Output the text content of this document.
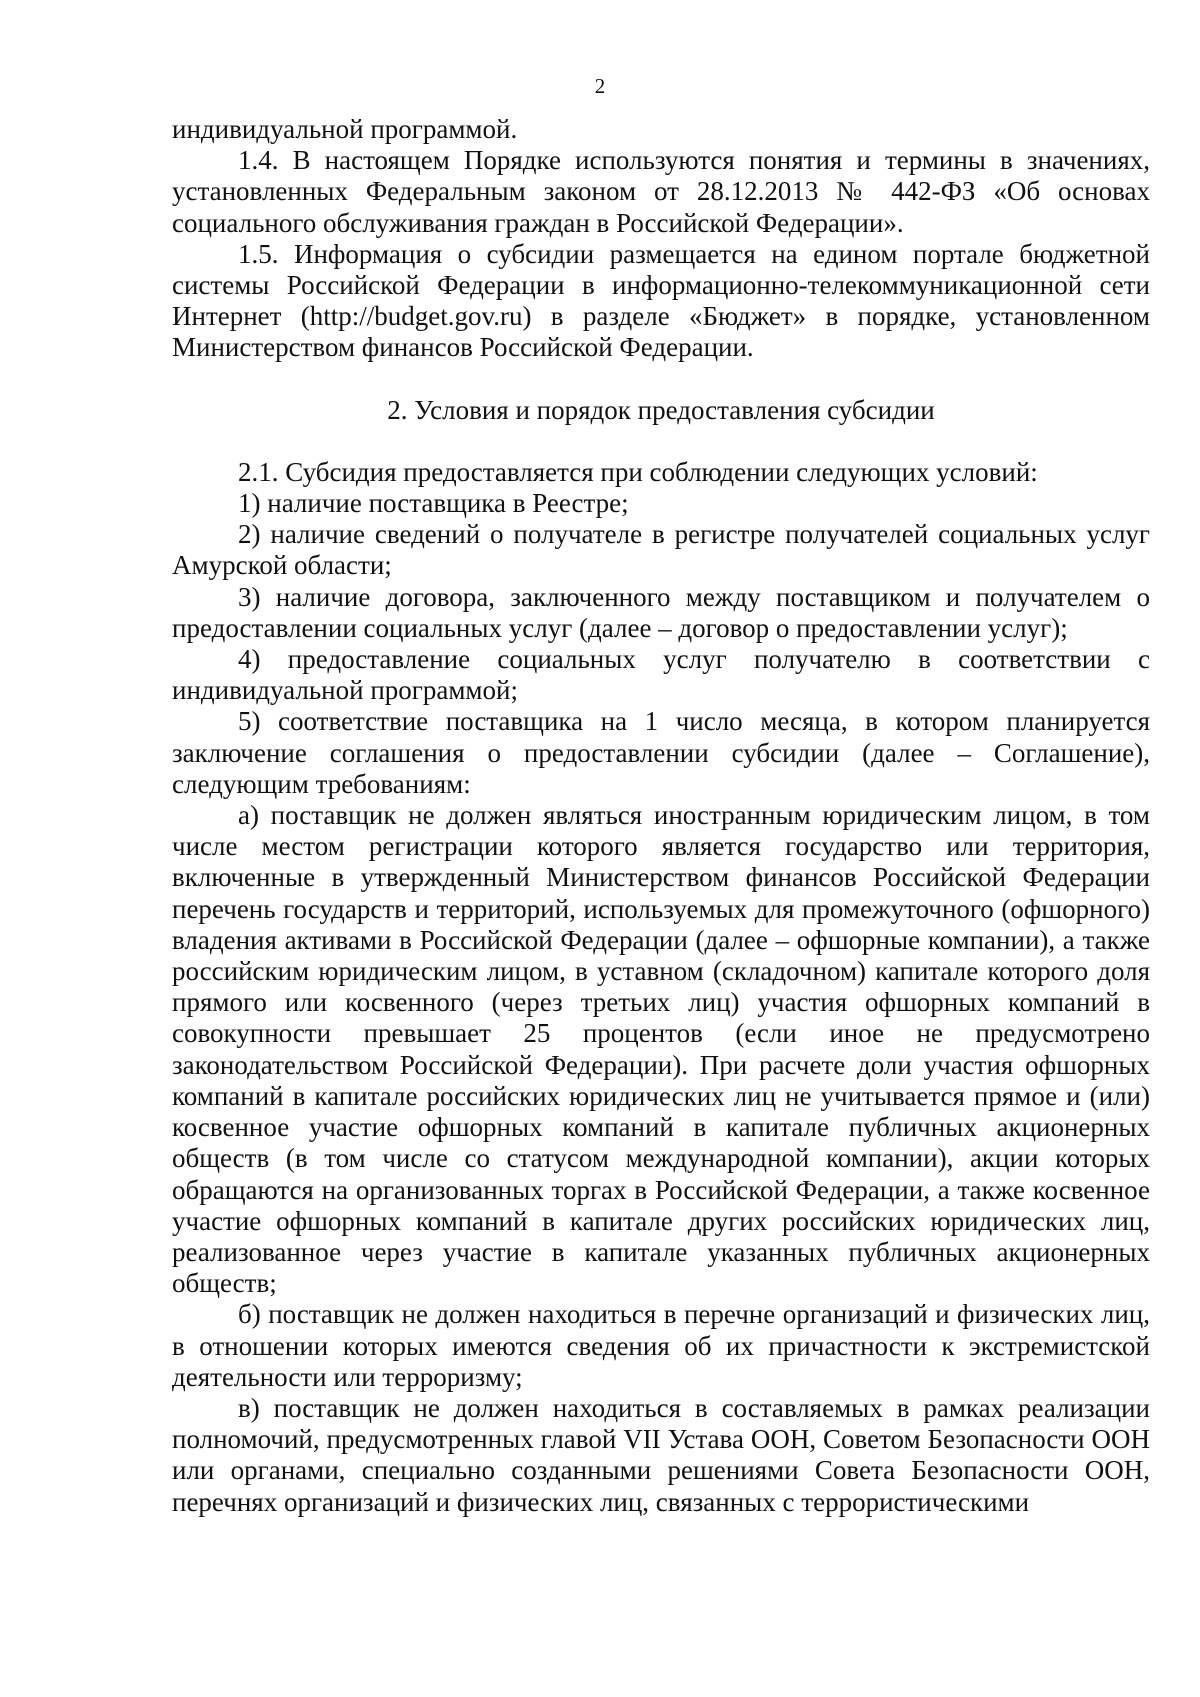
2

индивидуальной программой.

1.4. В настоящем Порядке используются понятия и термины в значениях, установленных Федеральным законом от 28.12.2013 № 442-ФЗ «Об основах социального обслуживания граждан в Российской Федерации».

1.5. Информация о субсидии размещается на едином портале бюджетной системы Российской Федерации в информационно-телекоммуникационной сети Интернет (http://budget.gov.ru) в разделе «Бюджет» в порядке, установленном Министерством финансов Российской Федерации.

2. Условия и порядок предоставления субсидии

2.1. Субсидия предоставляется при соблюдении следующих условий:

1) наличие поставщика в Реестре;

2) наличие сведений о получателе в регистре получателей социальных услуг Амурской области;

3) наличие договора, заключенного между поставщиком и получателем о предоставлении социальных услуг (далее – договор о предоставлении услуг);

4) предоставление социальных услуг получателю в соответствии с индивидуальной программой;

5) соответствие поставщика на 1 число месяца, в котором планируется заключение соглашения о предоставлении субсидии (далее – Соглашение), следующим требованиям:

а) поставщик не должен являться иностранным юридическим лицом, в том числе местом регистрации которого является государство или территория, включенные в утвержденный Министерством финансов Российской Федерации перечень государств и территорий, используемых для промежуточного (офшорного) владения активами в Российской Федерации (далее – офшорные компании), а также российским юридическим лицом, в уставном (складочном) капитале которого доля прямого или косвенного (через третьих лиц) участия офшорных компаний в совокупности превышает 25 процентов (если иное не предусмотрено законодательством Российской Федерации). При расчете доли участия офшорных компаний в капитале российских юридических лиц не учитывается прямое и (или) косвенное участие офшорных компаний в капитале публичных акционерных обществ (в том числе со статусом международной компании), акции которых обращаются на организованных торгах в Российской Федерации, а также косвенное участие офшорных компаний в капитале других российских юридических лиц, реализованное через участие в капитале указанных публичных акционерных обществ;

б) поставщик не должен находиться в перечне организаций и физических лиц, в отношении которых имеются сведения об их причастности к экстремистской деятельности или терроризму;

в) поставщик не должен находиться в составляемых в рамках реализации полномочий, предусмотренных главой VII Устава ООН, Советом Безопасности ООН или органами, специально созданными решениями Совета Безопасности ООН, перечнях организаций и физических лиц, связанных с террористическими
